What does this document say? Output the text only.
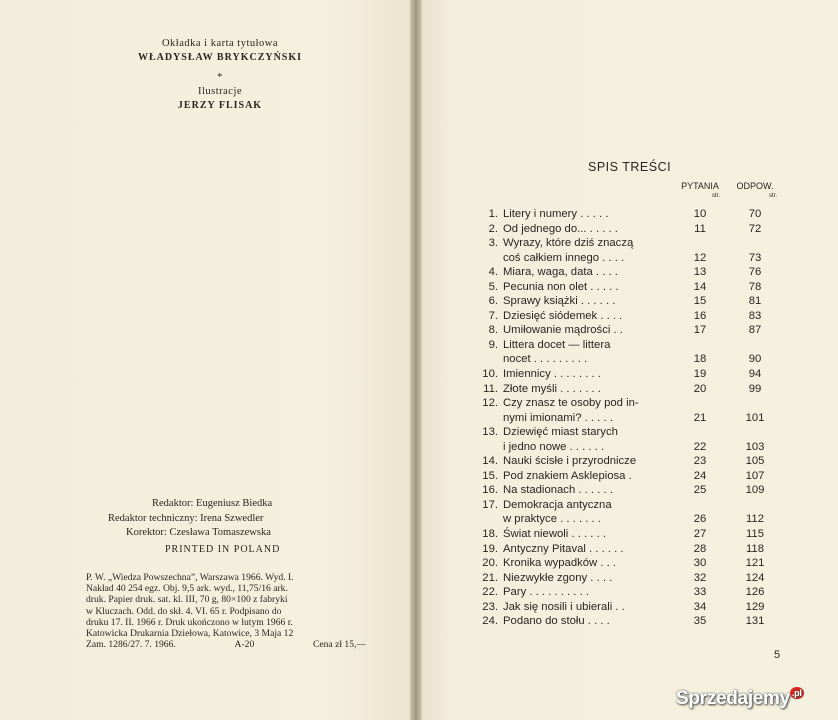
Okładka i karta tytułowa
WŁADYSŁAW BRYKCZYŃSKI
*
Ilustracje
JERZY FLISAK
Redaktor: Eugeniusz Biedka
Redaktor techniczny: Irena Szwedler
Korektor: Czesława Tomaszewska
PRINTED IN POLAND
P. W. „Wiedza Powszechna”, Warszawa 1966. Wyd. I.
Nakład 40 254 egz. Obj. 9,5 ark. wyd., 11,75/16 ark.
druk. Papier druk. sat. kl. III, 70 g, 80×100 z fabryki
w Kluczach. Odd. do skł. 4. VI. 65 r. Podpisano do
druku 17. II. 1966 r. Druk ukończono w lutym 1966 r.
Katowicka Drukarnia Dziełowa, Katowice, 3 Maja 12
Zam. 1286/27. 7. 1966.	A-20	Cena zł 15,—
SPIS TREŚCI
PYTANIA
str.
ODPOW.
str.
1. Litery i numery . . . . .	10	70
2. Od jednego do... . . . . .	11	72
3. Wyrazy, które dziś znaczą
coś całkiem innego . . . .	12	73
4. Miara, waga, data . . . .	13	76
5. Pecunia non olet . . . . .	14	78
6. Sprawy książki . . . . . .	15	81
7. Dziesięć siódemek . . . .	16	83
8. Umiłowanie mądrości . .	17	87
9. Littera docet — littera
nocet . . . . . . . . .	18	90
10. Imiennicy . . . . . . . .	19	94
11. Złote myśli . . . . . . .	20	99
12. Czy znasz te osoby pod in-
nymi imionami? . . . . .	21	101
13. Dziewięć miast starych
i jedno nowe . . . . . .	22	103
14. Nauki ścisłe i przyrodnicze	23	105
15. Pod znakiem Asklepiosa .	24	107
16. Na stadionach . . . . . .	25	109
17. Demokracja antyczna
w praktyce . . . . . . .	26	112
18. Świat niewoli . . . . . .	27	115
19. Antyczny Pitaval . . . . . .	28	118
20. Kronika wypadków . . .	30	121
21. Niezwykłe zgony . . . .	32	124
22. Pary . . . . . . . . . .	33	126
23. Jak się nosili i ubierali . .	34	129
24. Podano do stołu . . . .	35	131
5
Sprzedajemy $^{.pl}$
